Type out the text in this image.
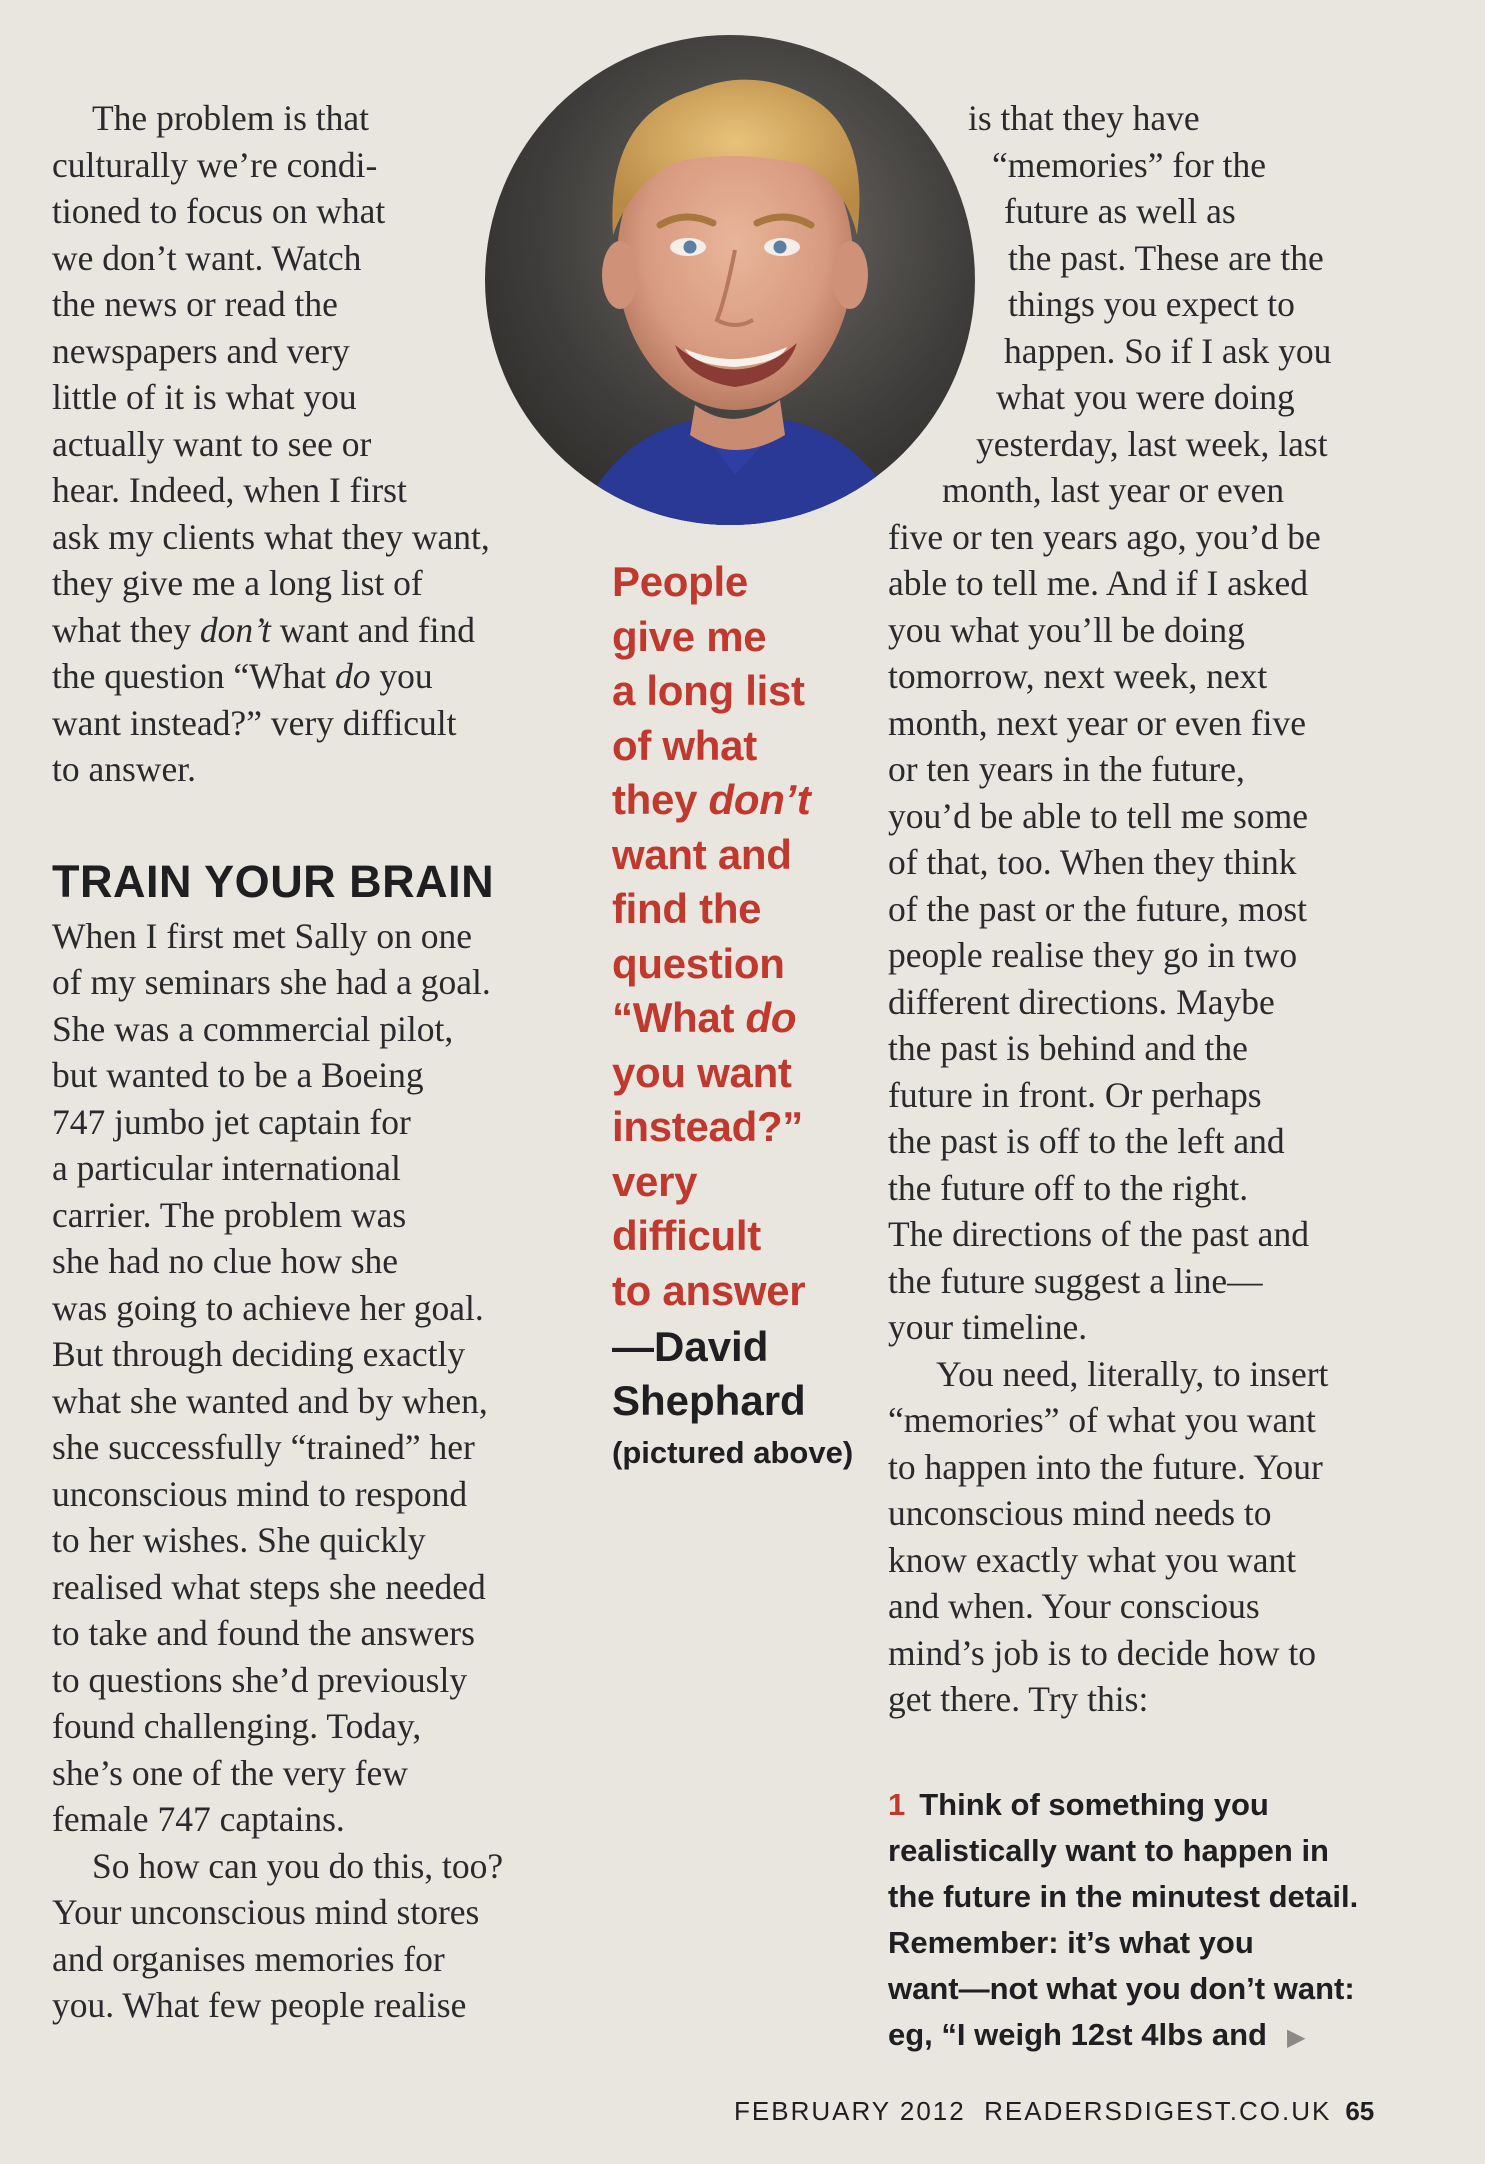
The problem is that
culturally we’re condi-
tioned to focus on what
we don’t want. Watch
the news or read the
newspapers and very
little of it is what you
actually want to see or
hear. Indeed, when I first
ask my clients what they want,
they give me a long list of
what they don’t want and find
the question “What do you
want instead?” very difficult
to answer.

TRAIN YOUR BRAIN

When I first met Sally on one
of my seminars she had a goal.
She was a commercial pilot,
but wanted to be a Boeing
747 jumbo jet captain for
a particular international
carrier. The problem was
she had no clue how she
was going to achieve her goal.
But through deciding exactly
what she wanted and by when,
she successfully “trained” her
unconscious mind to respond
to her wishes. She quickly
realised what steps she needed
to take and found the answers
to questions she’d previously
found challenging. Today,
she’s one of the very few
female 747 captains.

So how can you do this, too?
Your unconscious mind stores
and organises memories for
you. What few people realise

People
give me
a long list
of what
they don’t
want and
find the
question
“What do
you want
instead?”
very
difficult
to answer
—David
Shephard
(pictured above)
is that they have
“memories” for the
future as well as
the past. These are the
things you expect to
happen. So if I ask you
what you were doing
yesterday, last week, last
month, last year or even
five or ten years ago, you’d be
able to tell me. And if I asked
you what you’ll be doing
tomorrow, next week, next
month, next year or even five
or ten years in the future,
you’d be able to tell me some
of that, too. When they think
of the past or the future, most
people realise they go in two
different directions. Maybe
the past is behind and the
future in front. Or perhaps
the past is off to the left and
the future off to the right.
The directions of the past and
the future suggest a line—
your timeline.
You need, literally, to insert
“memories” of what you want
to happen into the future. Your
unconscious mind needs to
know exactly what you want
and when. Your conscious
mind’s job is to decide how to
get there. Try this:
1 Think of something you
realistically want to happen in
the future in the minutest detail.
Remember: it’s what you
want—not what you don’t want:
eg, “I weigh 12st 4lbs and ▶
FEBRUARY 2012  READERSDIGEST.CO.UK 65
